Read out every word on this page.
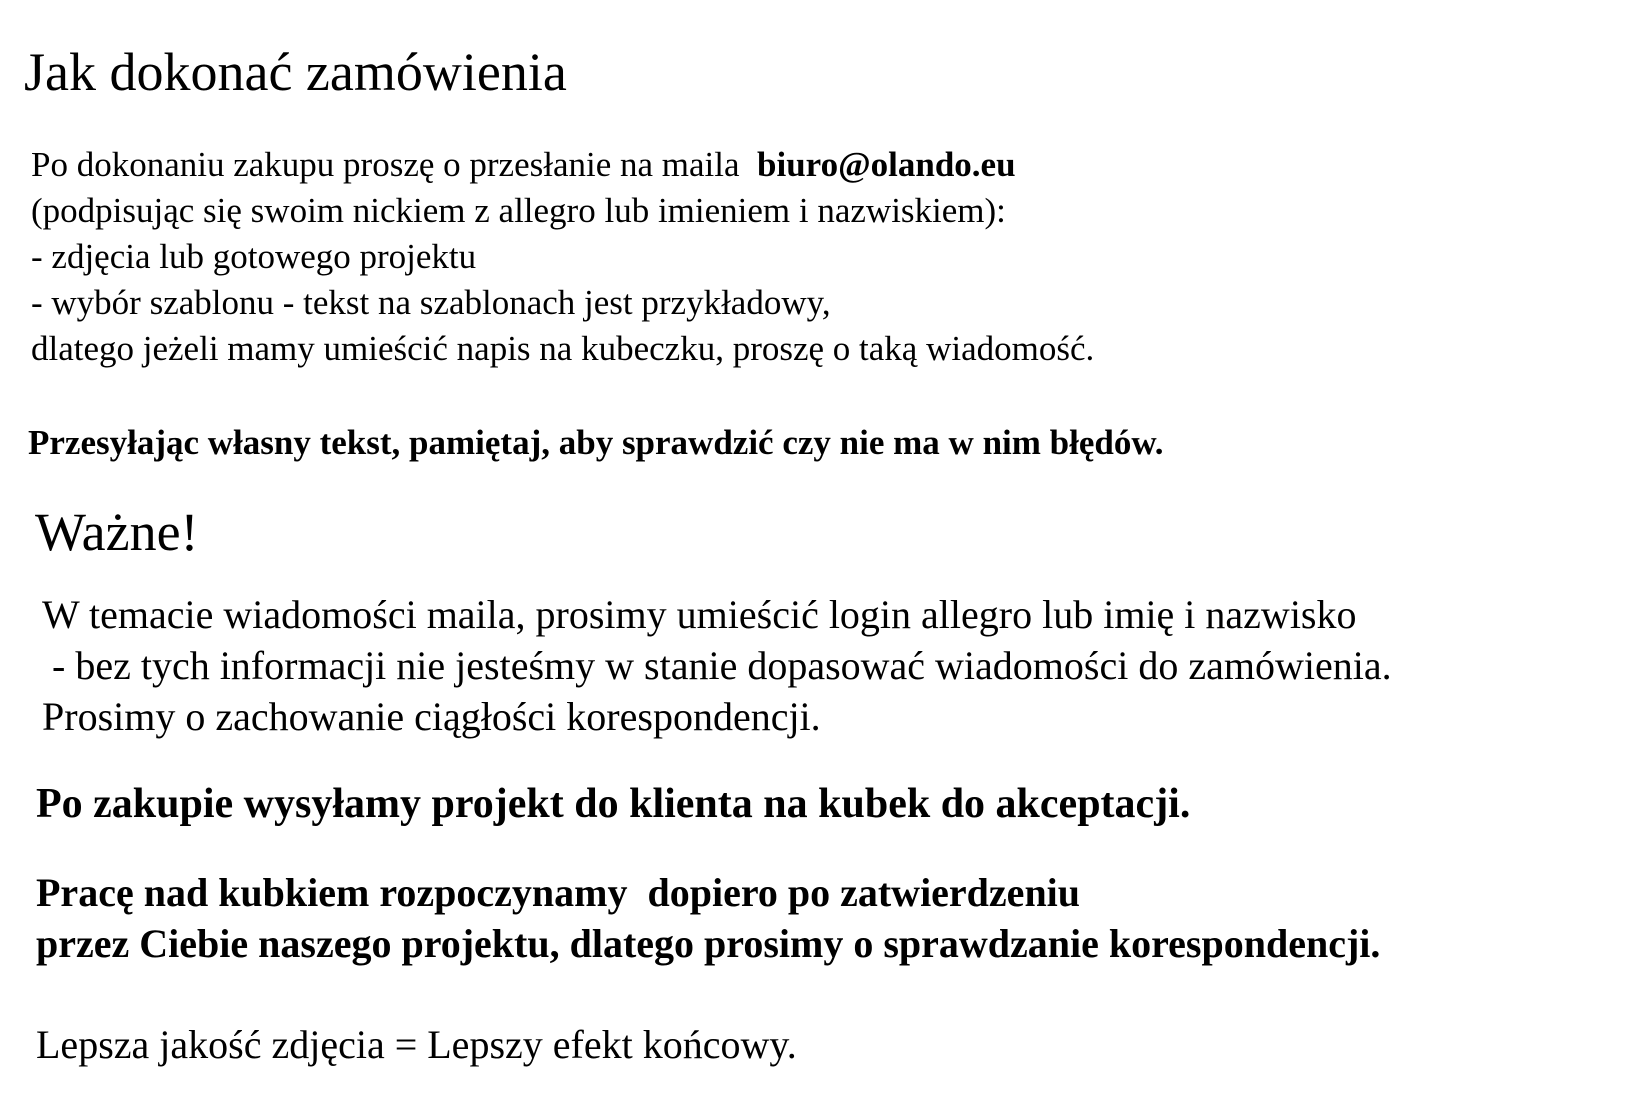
Jak dokonać zamówienia
Po dokonaniu zakupu proszę o przesłanie na maila  biuro@olando.eu
(podpisując się swoim nickiem z allegro lub imieniem i nazwiskiem):
- zdjęcia lub gotowego projektu
- wybór szablonu - tekst na szablonach jest przykładowy,
dlatego jeżeli mamy umieścić napis na kubeczku, proszę o taką wiadomość.

Przesyłając własny tekst, pamiętaj, aby sprawdzić czy nie ma w nim błędów.

Ważne!
W temacie wiadomości maila, prosimy umieścić login allegro lub imię i nazwisko
- bez tych informacji nie jesteśmy w stanie dopasować wiadomości do zamówienia.
Prosimy o zachowanie ciągłości korespondencji.

Po zakupie wysyłamy projekt do klienta na kubek do akceptacji.

Pracę nad kubkiem rozpoczynamy  dopiero po zatwierdzeniu
przez Ciebie naszego projektu, dlatego prosimy o sprawdzanie korespondencji.

Lepsza jakość zdjęcia = Lepszy efekt końcowy.
